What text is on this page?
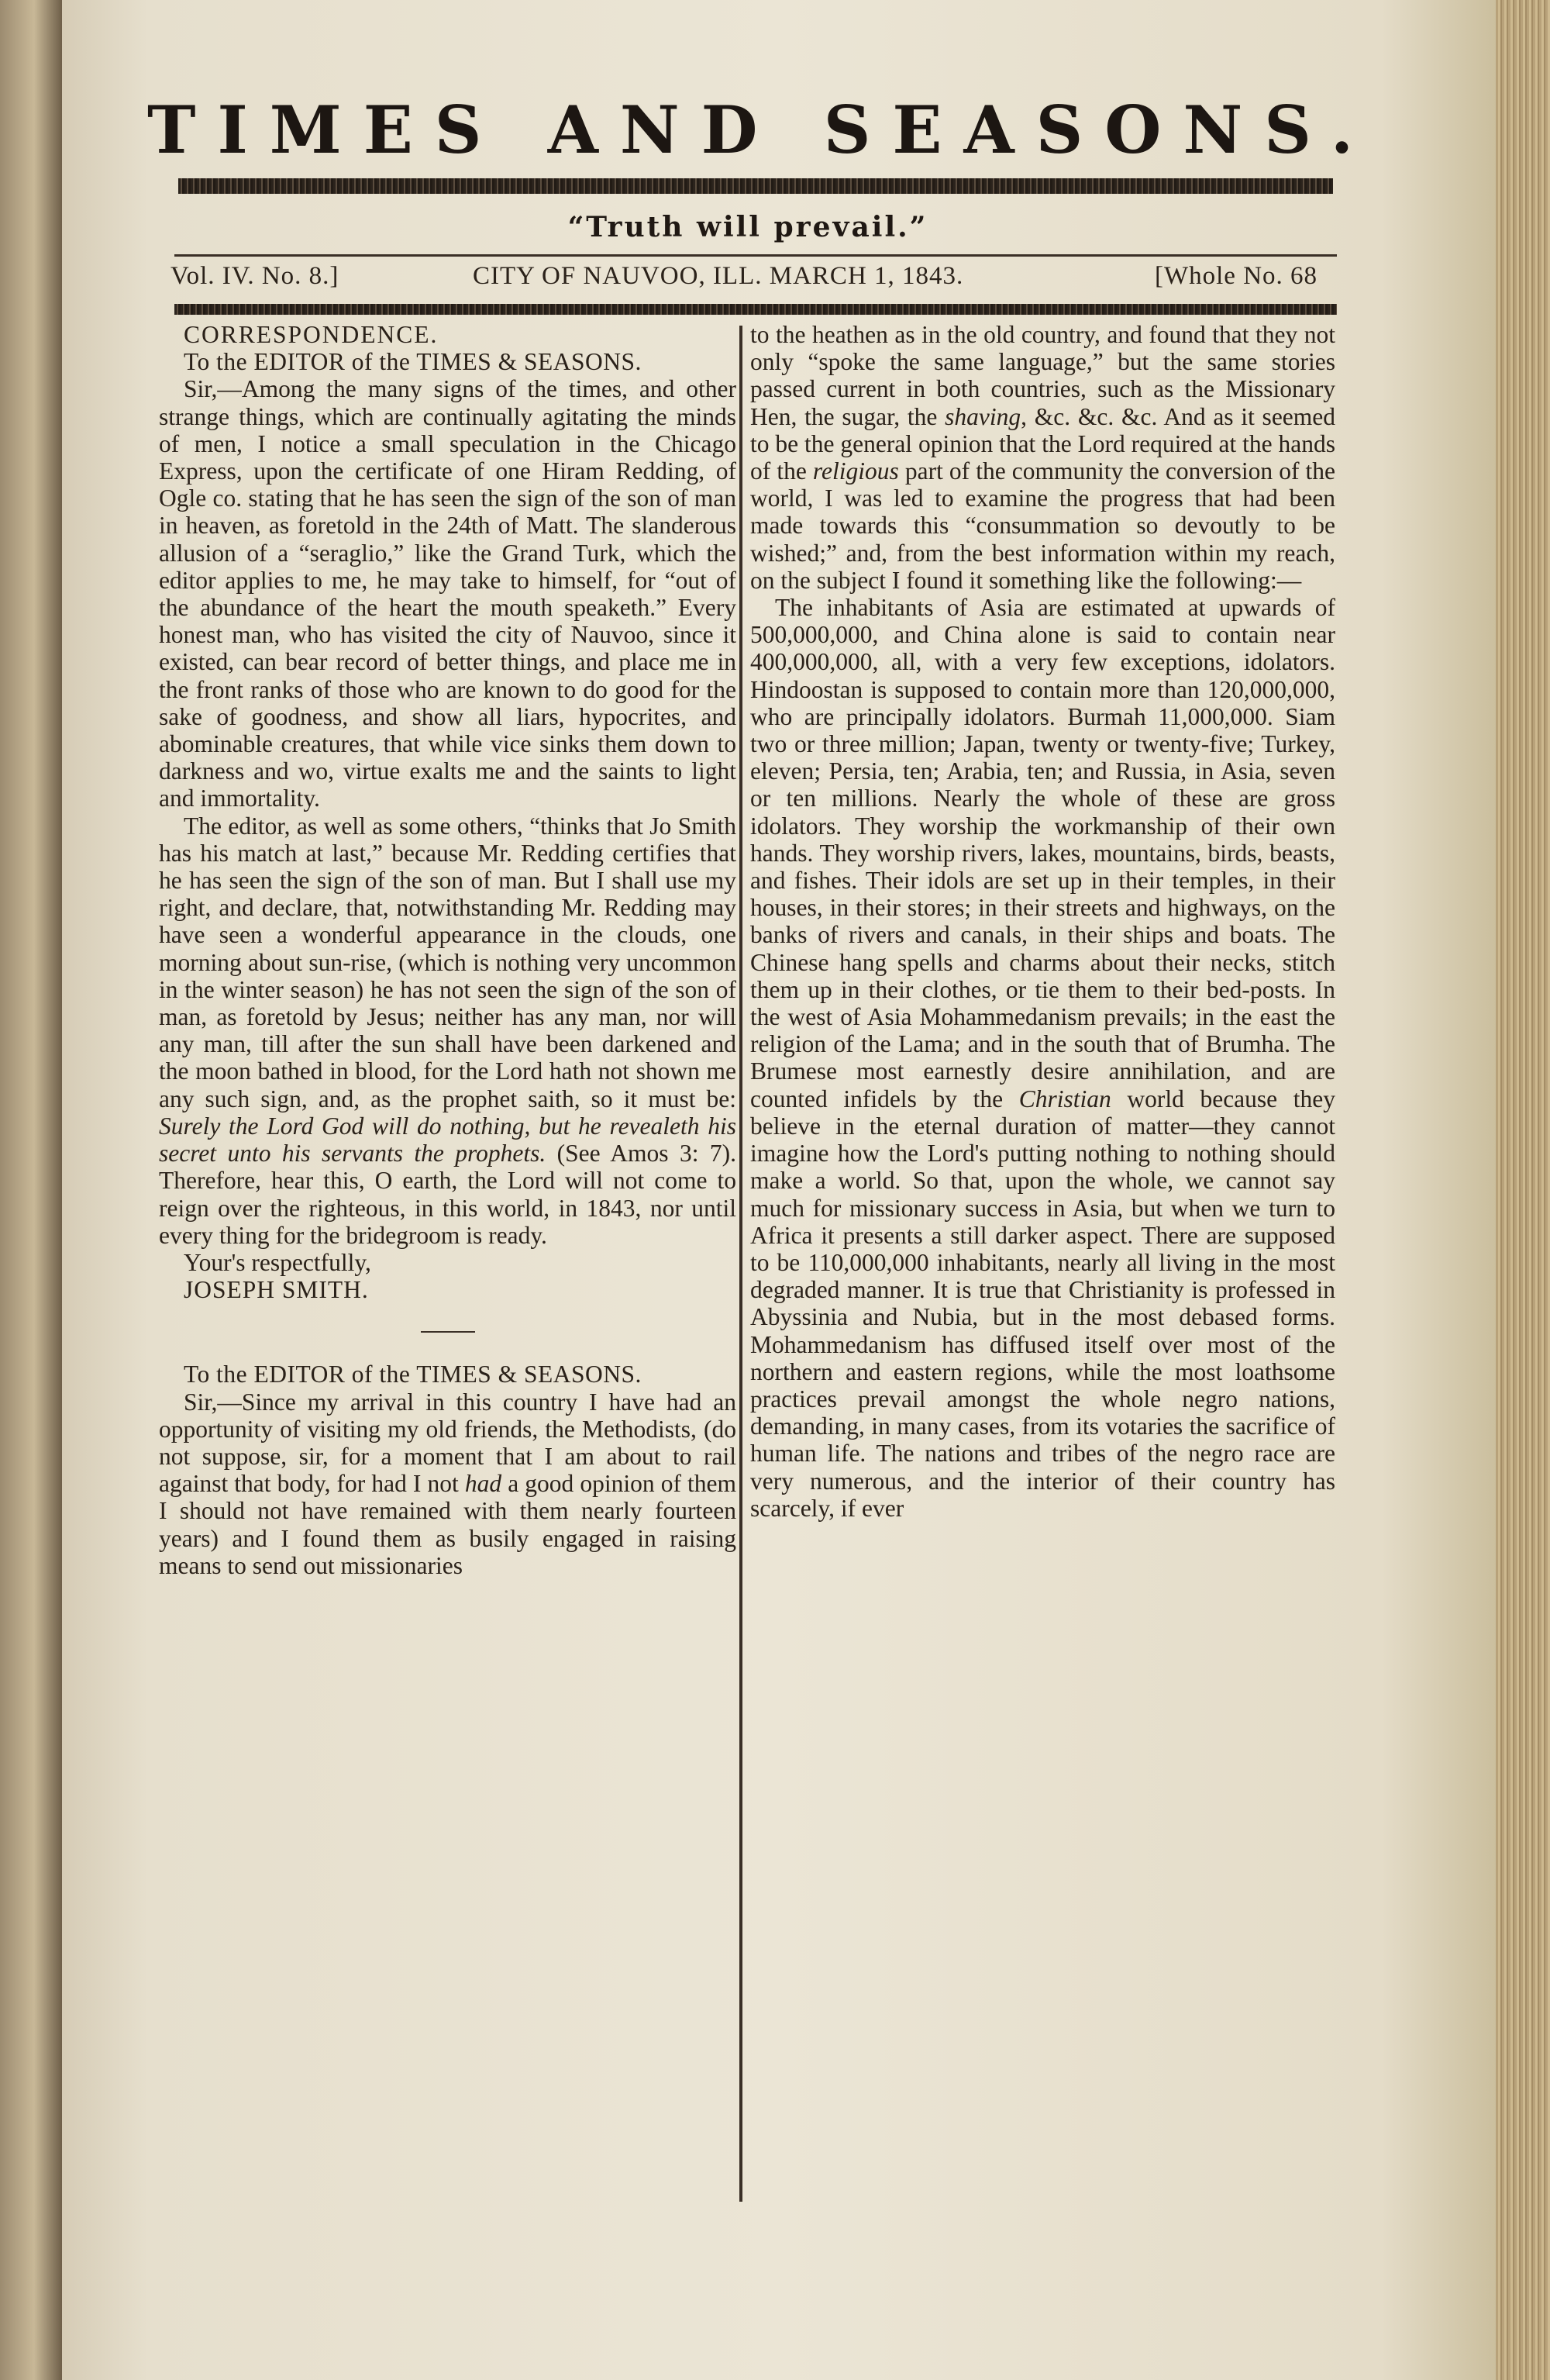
TIMES AND SEASONS.
“Truth will prevail.”
Vol. IV. No. 8.]	CITY OF NAUVOO, ILL. MARCH 1, 1843.	[Whole No. 68

CORRESPONDENCE.

To the EDITOR of the TIMES & SEASONS.

Sir,—Among the many signs of the times, and other strange things, which are continually agitating the minds of men, I notice a small speculation in the Chicago Express, upon the certificate of one Hiram Redding, of Ogle co. stating that he has seen the sign of the son of man in heaven, as foretold in the 24th of Matt. The slanderous allusion of a “seraglio,” like the Grand Turk, which the editor applies to me, he may take to himself, for “out of the abundance of the heart the mouth speaketh.” Every honest man, who has visited the city of Nauvoo, since it existed, can bear record of better things, and place me in the front ranks of those who are known to do good for the sake of goodness, and show all liars, hypocrites, and abominable creatures, that while vice sinks them down to darkness and wo, virtue exalts me and the saints to light and immortality.

The editor, as well as some others, “thinks that Jo Smith has his match at last,” because Mr. Redding certifies that he has seen the sign of the son of man. But I shall use my right, and declare, that, notwithstanding Mr. Redding may have seen a wonderful appearance in the clouds, one morning about sun-rise, (which is nothing very uncommon in the winter season) he has not seen the sign of the son of man, as foretold by Jesus; neither has any man, nor will any man, till after the sun shall have been darkened and the moon bathed in blood, for the Lord hath not shown me any such sign, and, as the prophet saith, so it must be: Surely the Lord God will do nothing, but he revealeth his secret unto his servants the prophets. (See Amos 3: 7). Therefore, hear this, O earth, the Lord will not come to reign over the righteous, in this world, in 1843, nor until every thing for the bridegroom is ready.

Your's respectfully,

JOSEPH SMITH.

To the EDITOR of the TIMES & SEASONS.

Sir,—Since my arrival in this country I have had an opportunity of visiting my old friends, the Methodists, (do not suppose, sir, for a moment that I am about to rail against that body, for had I not had a good opinion of them I should not have remained with them nearly fourteen years) and I found them as busily engaged in raising means to send out missionaries

to the heathen as in the old country, and found that they not only “spoke the same language,” but the same stories passed current in both countries, such as the Missionary Hen, the sugar, the shaving, &c. &c. &c. And as it seemed to be the general opinion that the Lord required at the hands of the religious part of the community the conversion of the world, I was led to examine the progress that had been made towards this “consummation so devoutly to be wished;” and, from the best information within my reach, on the subject I found it something like the following:—

The inhabitants of Asia are estimated at upwards of 500,000,000, and China alone is said to contain near 400,000,000, all, with a very few exceptions, idolators. Hindoostan is supposed to contain more than 120,000,000, who are principally idolators. Burmah 11,000,000. Siam two or three million; Japan, twenty or twenty-five; Turkey, eleven; Persia, ten; Arabia, ten; and Russia, in Asia, seven or ten millions. Nearly the whole of these are gross idolators. They worship the workmanship of their own hands. They worship rivers, lakes, mountains, birds, beasts, and fishes. Their idols are set up in their temples, in their houses, in their stores; in their streets and highways, on the banks of rivers and canals, in their ships and boats. The Chinese hang spells and charms about their necks, stitch them up in their clothes, or tie them to their bed-posts. In the west of Asia Mohammedanism prevails; in the east the religion of the Lama; and in the south that of Brumha. The Brumese most earnestly desire annihilation, and are counted infidels by the Christian world because they believe in the eternal duration of matter—they cannot imagine how the Lord's putting nothing to nothing should make a world. So that, upon the whole, we cannot say much for missionary success in Asia, but when we turn to Africa it presents a still darker aspect. There are supposed to be 110,000,000 inhabitants, nearly all living in the most degraded manner. It is true that Christianity is professed in Abyssinia and Nubia, but in the most debased forms. Mohammedanism has diffused itself over most of the northern and eastern regions, while the most loathsome practices prevail amongst the whole negro nations, demanding, in many cases, from its votaries the sacrifice of human life. The nations and tribes of the negro race are very numerous, and the interior of their country has scarcely, if ever
